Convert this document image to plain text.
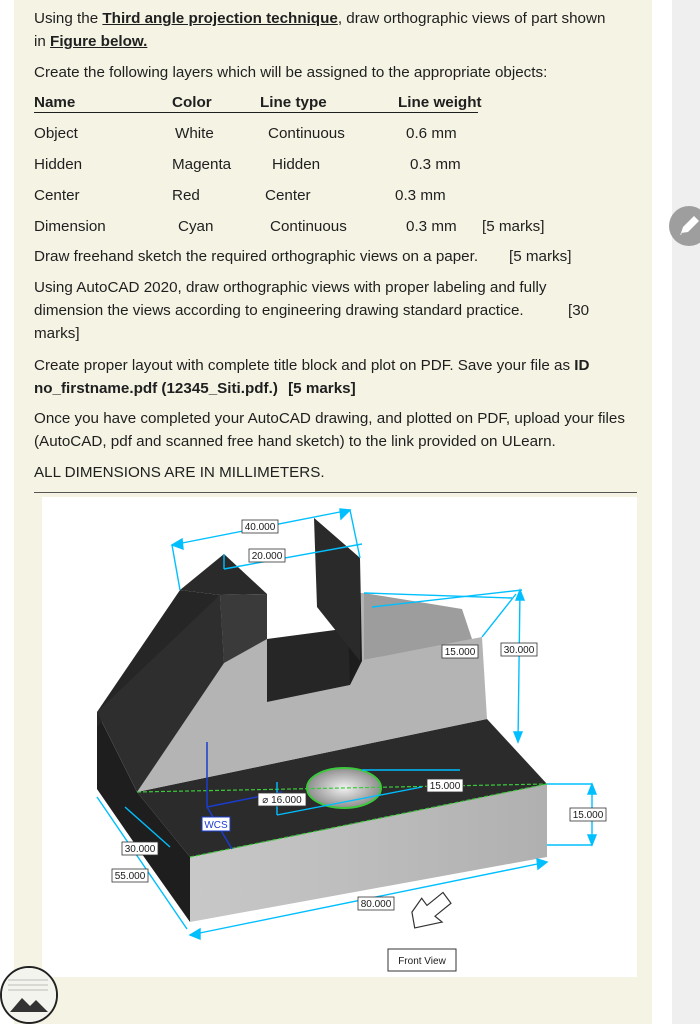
Using the Third angle projection technique, draw orthographic views of part shown
in Figure below.
Create the following layers which will be assigned to the appropriate objects:
Name	Color	Line type	Line weight
Object	White	Continuous	0.6 mm
Hidden	Magenta	Hidden	0.3 mm
Center	Red	Center	0.3 mm
Dimension	Cyan	Continuous	0.3 mm [5 marks]
Draw freehand sketch the required orthographic views on a paper. [5 marks]
Using AutoCAD 2020, draw orthographic views with proper labeling and fully
dimension the views according to engineering drawing standard practice.	[30
marks]
Create proper layout with complete title block and plot on PDF. Save your file as ID
no_firstname.pdf (12345_Siti.pdf.) [5 marks]
Once you have completed your AutoCAD drawing, and plotted on PDF, upload your files
(AutoCAD, pdf and scanned free hand sketch) to the link provided on ULearn.
ALL DIMENSIONS ARE IN MILLIMETERS.
WCS
40.000
20.000
15.000	30.000
15.000
15.000
⌀ 16.000
30.000
55.000
80.000
Front View
